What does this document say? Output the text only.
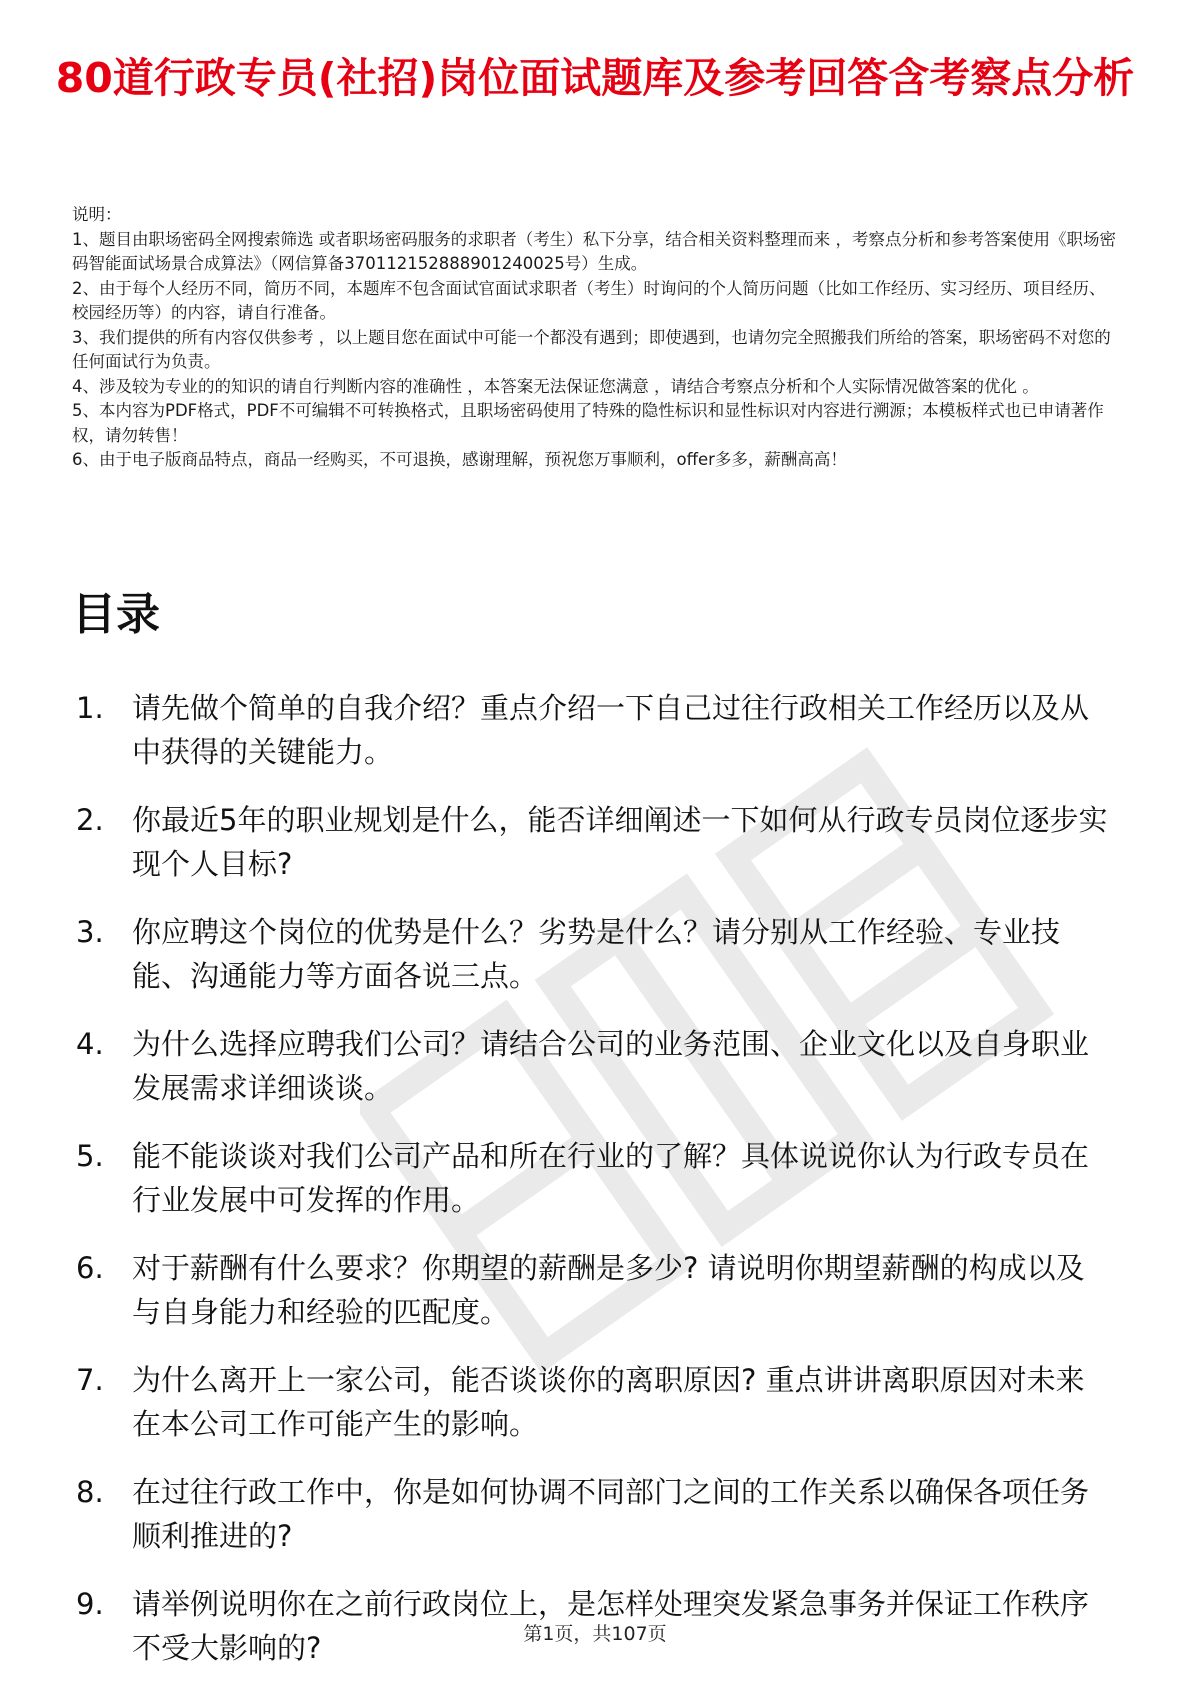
80道行政专员(社招)岗位面试题库及参考回答含考察点分析

说明：

1、题目由职场密码全网搜索筛选 或者职场密码服务的求职者（考生）私下分享，结合相关资料整理而来 ，考察点分析和参考答案使用《职场密码智能面试场景合成算法》（网信算备370112152888901240025号）生成。

2、由于每个人经历不同，简历不同，本题库不包含面试官面试求职者（考生）时询问的个人简历问题（比如工作经历、实习经历、项目经历、校园经历等）的内容，请自行准备。

3、我们提供的所有内容仅供参考 ，以上题目您在面试中可能一个都没有遇到；即使遇到，也请勿完全照搬我们所给的答案，职场密码不对您的任何面试行为负责。

4、涉及较为专业的的知识的请自行判断内容的准确性 ，本答案无法保证您满意 ，请结合考察点分析和个人实际情况做答案的优化 。

5、本内容为PDF格式，PDF不可编辑不可转换格式，且职场密码使用了特殊的隐性标识和显性标识对内容进行溯源；本模板样式也已申请著作权，请勿转售！

6、由于电子版商品特点，商品一经购买，不可退换，感谢理解，预祝您万事顺利，offer多多，薪酬高高！

目录
1. 请先做个简单的自我介绍？重点介绍一下自己过往行政相关工作经历以及从中获得的关键能力。
2. 你最近5年的职业规划是什么，能否详细阐述一下如何从行政专员岗位逐步实现个人目标?
3. 你应聘这个岗位的优势是什么？劣势是什么？请分别从工作经验、专业技能、沟通能力等方面各说三点。
4. 为什么选择应聘我们公司？请结合公司的业务范围、企业文化以及自身职业发展需求详细谈谈。
5. 能不能谈谈对我们公司产品和所在行业的了解？具体说说你认为行政专员在行业发展中可发挥的作用。
6. 对于薪酬有什么要求？你期望的薪酬是多少? 请说明你期望薪酬的构成以及与自身能力和经验的匹配度。
7. 为什么离开上一家公司，能否谈谈你的离职原因? 重点讲讲离职原因对未来在本公司工作可能产生的影响。
8. 在过往行政工作中，你是如何协调不同部门之间的工作关系以确保各项任务顺利推进的?
9. 请举例说明你在之前行政岗位上，是怎样处理突发紧急事务并保证工作秩序不受大影响的?	第1页，共107页
